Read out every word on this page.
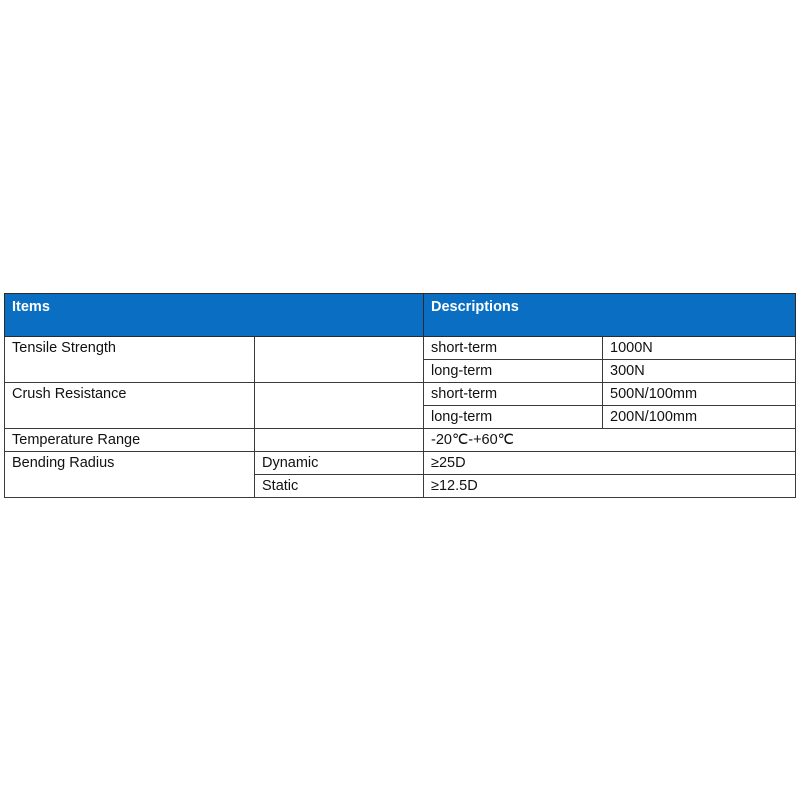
Items		Descriptions	
Tensile Strength		short-term	1000N
		long-term	300N
Crush Resistance		short-term	500N/100mm
		long-term	200N/100mm
Temperature Range		-20℃-+60℃	
Bending Radius	Dynamic	≥25D	
	Static	≥12.5D	
